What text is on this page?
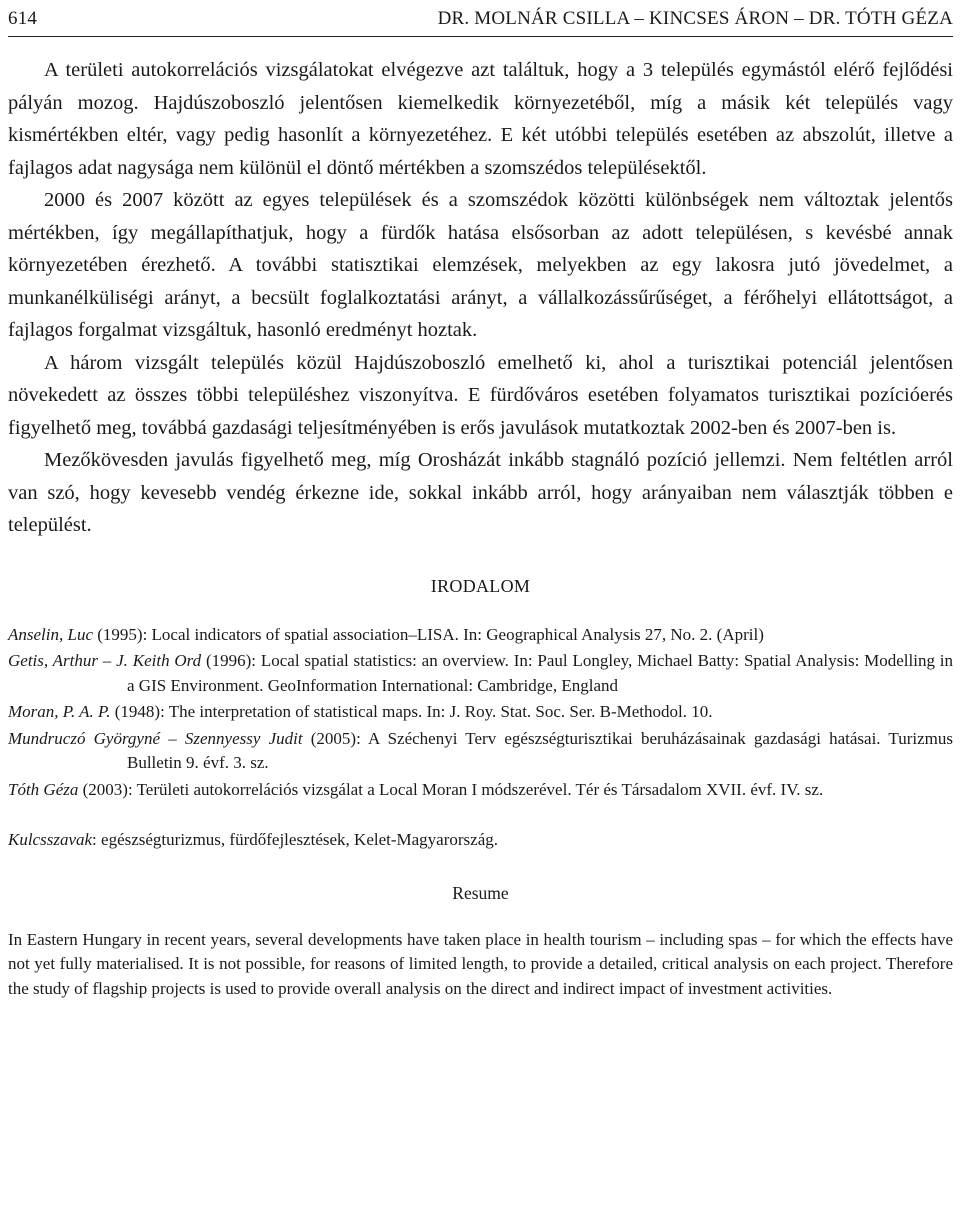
614	DR. MOLNÁR CSILLA – KINCSES ÁRON – DR. TÓTH GÉZA

A területi autokorrelációs vizsgálatokat elvégezve azt találtuk, hogy a 3 település egymástól elérő fejlődési pályán mozog. Hajdúszoboszló jelentősen kiemelkedik környezetéből, míg a másik két település vagy kismértékben eltér, vagy pedig hasonlít a környezetéhez. E két utóbbi település esetében az abszolút, illetve a fajlagos adat nagysága nem különül el döntő mértékben a szomszédos településektől.

2000 és 2007 között az egyes települések és a szomszédok közötti különbségek nem változtak jelentős mértékben, így megállapíthatjuk, hogy a fürdők hatása elsősorban az adott településen, s kevésbé annak környezetében érezhető. A további statisztikai elemzések, melyekben az egy lakosra jutó jövedelmet, a munkanélküliségi arányt, a becsült foglalkoztatási arányt, a vállalkozássűrűséget, a férőhelyi ellátottságot, a fajlagos forgalmat vizsgáltuk, hasonló eredményt hoztak.

A három vizsgált település közül Hajdúszoboszló emelhető ki, ahol a turisztikai potenciál jelentősen növekedett az összes többi településhez viszonyítva. E fürdőváros esetében folyamatos turisztikai pozícióerés figyelhető meg, továbbá gazdasági teljesítményében is erős javulások mutatkoztak 2002-ben és 2007-ben is.

Mezőkövesden javulás figyelhető meg, míg Orosházát inkább stagnáló pozíció jellemzi. Nem feltétlen arról van szó, hogy kevesebb vendég érkezne ide, sokkal inkább arról, hogy arányaiban nem választják többen e települést.

IRODALOM

Anselin, Luc (1995): Local indicators of spatial association–LISA. In: Geographical Analysis 27, No. 2. (April)

Getis, Arthur – J. Keith Ord (1996): Local spatial statistics: an overview. In: Paul Longley, Michael Batty: Spatial Analysis: Modelling in a GIS Environment. GeoInformation International: Cambridge, England

Moran, P. A. P. (1948): The interpretation of statistical maps. In: J. Roy. Stat. Soc. Ser. B-Methodol. 10.

Mundruczó Györgyné – Szennyessy Judit (2005): A Széchenyi Terv egészségturisztikai beruházásainak gazdasági hatásai. Turizmus Bulletin 9. évf. 3. sz.

Tóth Géza (2003): Területi autokorrelációs vizsgálat a Local Moran I módszerével. Tér és Társadalom XVII. évf. IV. sz.

Kulcsszavak: egészségturizmus, fürdőfejlesztések, Kelet-Magyarország.
Resume
In Eastern Hungary in recent years, several developments have taken place in health tourism – including spas – for which the effects have not yet fully materialised. It is not possible, for reasons of limited length, to provide a detailed, critical analysis on each project. Therefore the study of flagship projects is used to provide overall analysis on the direct and indirect impact of investment activities.
